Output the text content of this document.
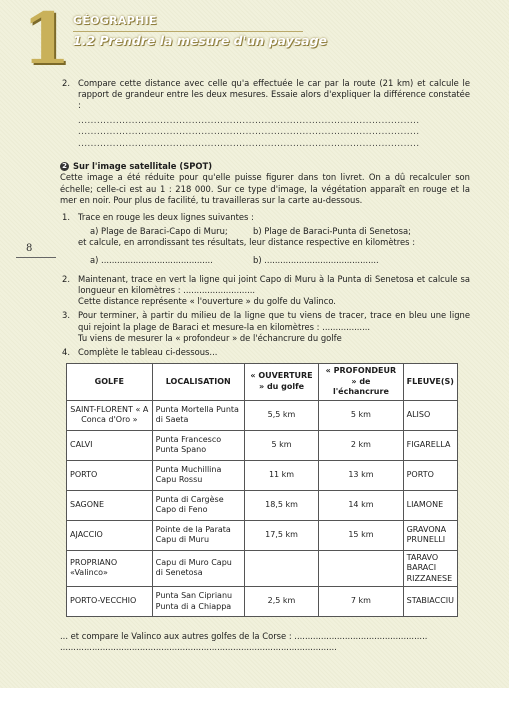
1 GÉOGRAPHIE
1.2 Prendre la mesure d'un paysage
8
2. Compare cette distance avec celle qu'a effectuée le car par la route (21 km) et calcule le rapport de grandeur entre les deux mesures. Essaie alors d'expliquer la différence constatée :

............................................................................................................
............................................................................................................
............................................................................................................
2 Sur l'image satellitale (SPOT)

Cette image a été réduite pour qu'elle puisse figurer dans ton livret. On a dû recalculer son échelle; celle-ci est au 1 : 218 000. Sur ce type d'image, la végétation apparaît en rouge et la mer en noir. Pour plus de facilité, tu travailleras sur la carte au-dessous.

1. Trace en rouge les deux lignes suivantes :

a) Plage de Baraci-Capo di Muru;	b) Plage de Baraci-Punta di Senetosa;

et calcule, en arrondissant tes résultats, leur distance respective en kilomètres :

a) ..........................................	b) ...........................................
2. Maintenant, trace en vert la ligne qui joint Capo di Muru à la Punta di Senetosa et calcule sa longueur en kilomètres : ...........................

Cette distance représente « l'ouverture » du golfe du Valinco.

3. Pour terminer, à partir du milieu de la ligne que tu viens de tracer, trace en bleu une ligne qui rejoint la plage de Baraci et mesure-la en kilomètres : ..................

Tu viens de mesurer la « profondeur » de l'échancrure du golfe

4. Complète le tableau ci-dessous...

GOLFE	LOCALISATION	« OUVERTURE » du golfe	« PROFONDEUR » de l'échancrure	FLEUVE(S)
SAINT-FLORENT « A Conca d'Oro »	Punta Mortella Punta di Saeta	5,5 km	5 km	ALISO
CALVI	Punta Francesco Punta Spano	5 km	2 km	FIGARELLA
PORTO	Punta Muchillina Capu Rossu	11 km	13 km	PORTO
SAGONE	Punta di Cargèse Capo di Feno	18,5 km	14 km	LIAMONE
AJACCIO	Pointe de la Parata Capu di Muru	17,5 km	15 km	GRAVONA PRUNELLI
PROPRIANO «Valinco»	Capu di Muro Capu di Senetosa			TARAVO BARACI RIZZANESE
PORTO-VECCHIO	Punta San Ciprianu Punta di a Chiappa	2,5 km	7 km	STABIACCIU

... et compare le Valinco aux autres golfes de la Corse : ..................................................

........................................................................................................
